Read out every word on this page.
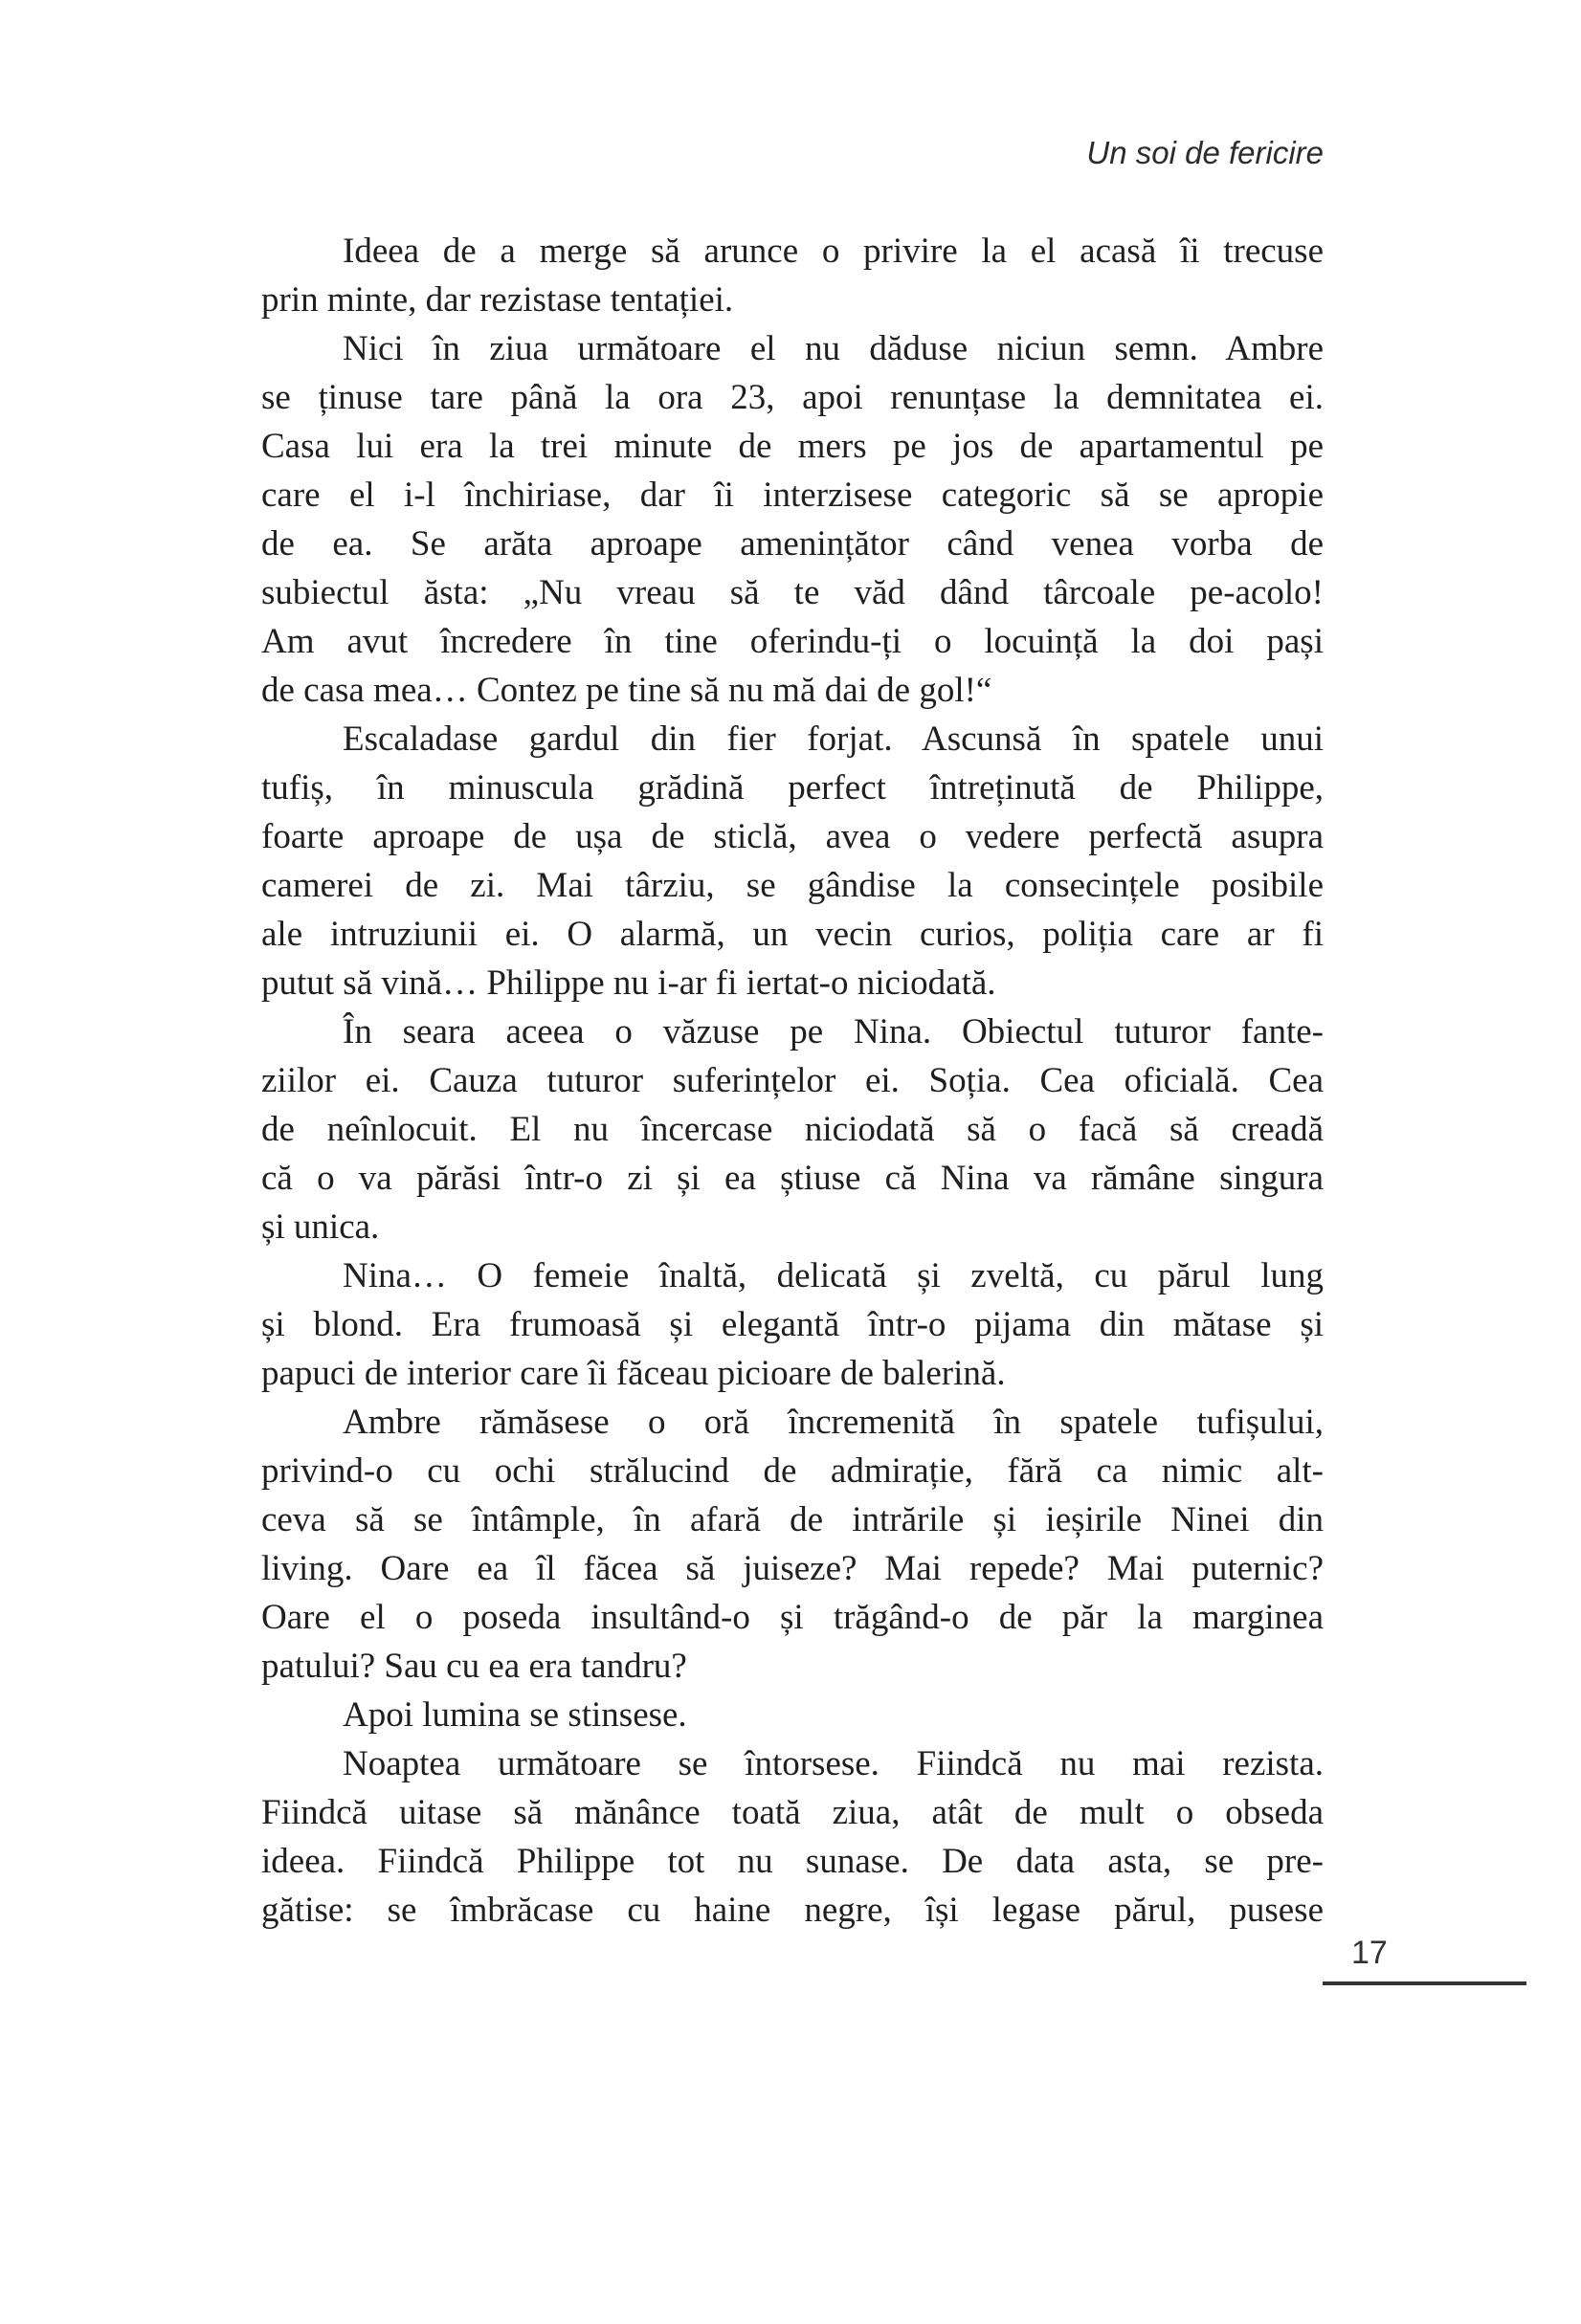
Un soi de fericire
Ideea de a merge să arunce o privire la el acasă îi trecuse
prin minte, dar rezistase tentației.
Nici în ziua următoare el nu dăduse niciun semn. Ambre
se ținuse tare până la ora 23, apoi renunțase la demnitatea ei.
Casa lui era la trei minute de mers pe jos de apartamentul pe
care el i-l închiriase, dar îi interzisese categoric să se apropie
de ea. Se arăta aproape amenințător când venea vorba de
subiectul ăsta: „Nu vreau să te văd dând târcoale pe-acolo!
Am avut încredere în tine oferindu-ți o locuință la doi pași
de casa mea… Contez pe tine să nu mă dai de gol!“
Escaladase gardul din fier forjat. Ascunsă în spatele unui
tufiș, în minuscula grădină perfect întreținută de Philippe,
foarte aproape de ușa de sticlă, avea o vedere perfectă asupra
camerei de zi. Mai târziu, se gândise la consecințele posibile
ale intruziunii ei. O alarmă, un vecin curios, poliția care ar fi
putut să vină… Philippe nu i-ar fi iertat-o niciodată.
În seara aceea o văzuse pe Nina. Obiectul tuturor fante-
ziilor ei. Cauza tuturor suferințelor ei. Soția. Cea oficială. Cea
de neînlocuit. El nu încercase niciodată să o facă să creadă
că o va părăsi într-o zi și ea știuse că Nina va rămâne singura
și unica.
Nina… O femeie înaltă, delicată și zveltă, cu părul lung
și blond. Era frumoasă și elegantă într-o pijama din mătase și
papuci de interior care îi făceau picioare de balerină.
Ambre rămăsese o oră încremenită în spatele tufișului,
privind-o cu ochi strălucind de admirație, fără ca nimic alt-
ceva să se întâmple, în afară de intrările și ieșirile Ninei din
living. Oare ea îl făcea să juiseze? Mai repede? Mai puternic?
Oare el o poseda insultând-o și trăgând-o de păr la marginea
patului? Sau cu ea era tandru?
Apoi lumina se stinsese.
Noaptea următoare se întorsese. Fiindcă nu mai rezista.
Fiindcă uitase să mănânce toată ziua, atât de mult o obseda
ideea. Fiindcă Philippe tot nu sunase. De data asta, se pre-
gătise: se îmbrăcase cu haine negre, își legase părul, pusese
17
